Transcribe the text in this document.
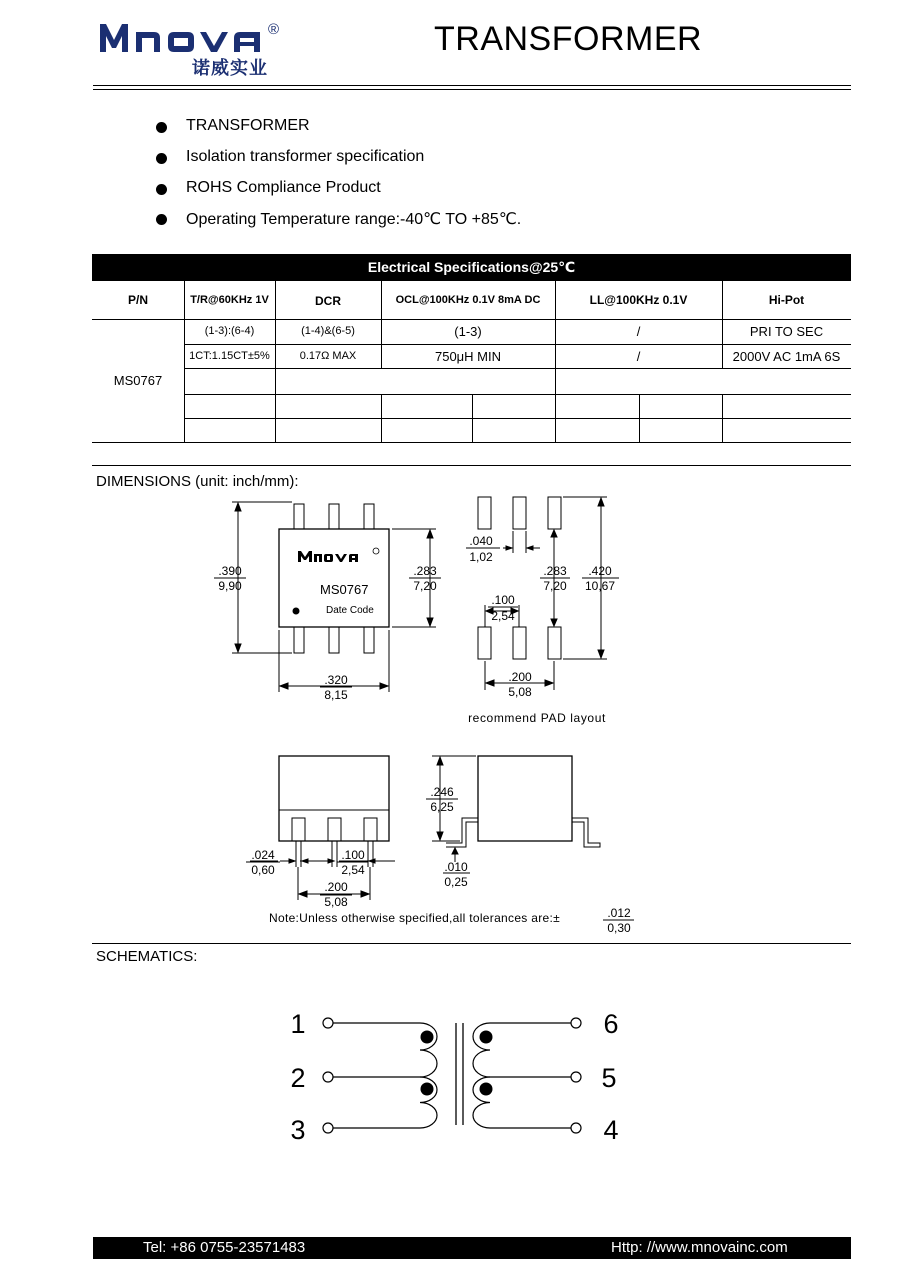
®
诺威实业
TRANSFORMER
TRANSFORMER
Isolation transformer specification
ROHS Compliance Product
Operating Temperature range:-40℃ TO +85℃.
Electrical Specifications@25℃
P/N	T/R@60KHz 1V	DCR	OCL@100KHz 0.1V 8mA DC	LL@100KHz 0.1V	Hi-Pot
MS0767
(1-3):(6-4)	(1-4)&(6-5)	(1-3)	/	PRI TO SEC
1CT:1.15CT±5%	0.17Ω MAX	750μH MIN	/	2000V AC 1mA 6S
DIMENSIONS (unit: inch/mm):
MS0767
Date Code
.390
9,90
.283
7,20
.320
8,15
.040
1,02
.100
2,54
.283
7,20
.420
10,67
.200
5,08
recommend PAD layout
.246
6,25
.010
0,25
.024
0,60
.100
2,54
.200
5,08
Note:Unless otherwise specified,all tolerances are:±	.012
0,30
SCHEMATICS:
1
2
3
6
5
4
Tel: +86 0755-23571483	Http: //www.mnovainc.com
